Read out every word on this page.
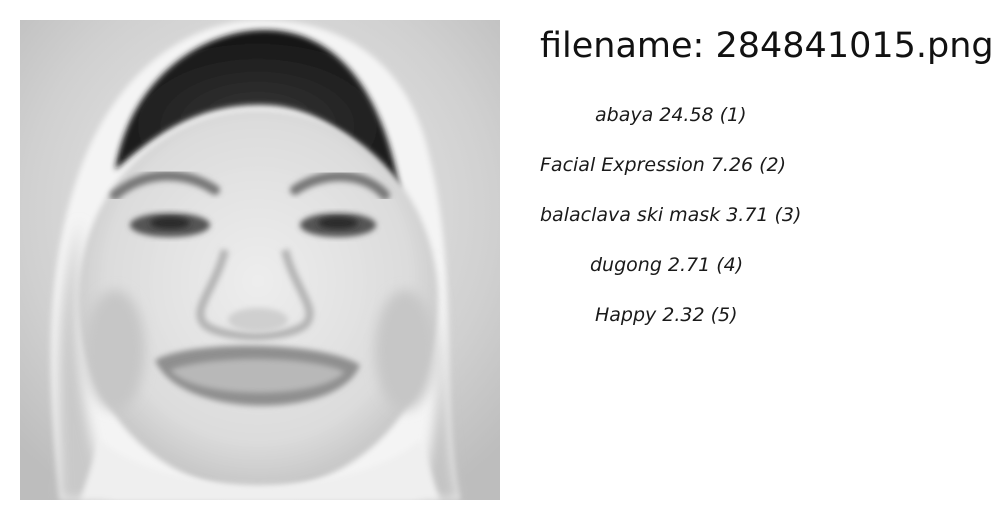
filename: 284841015.png
abaya 24.58 (1)
Facial Expression 7.26 (2)
balaclava ski mask 3.71 (3)
dugong 2.71 (4)
Happy 2.32 (5)
